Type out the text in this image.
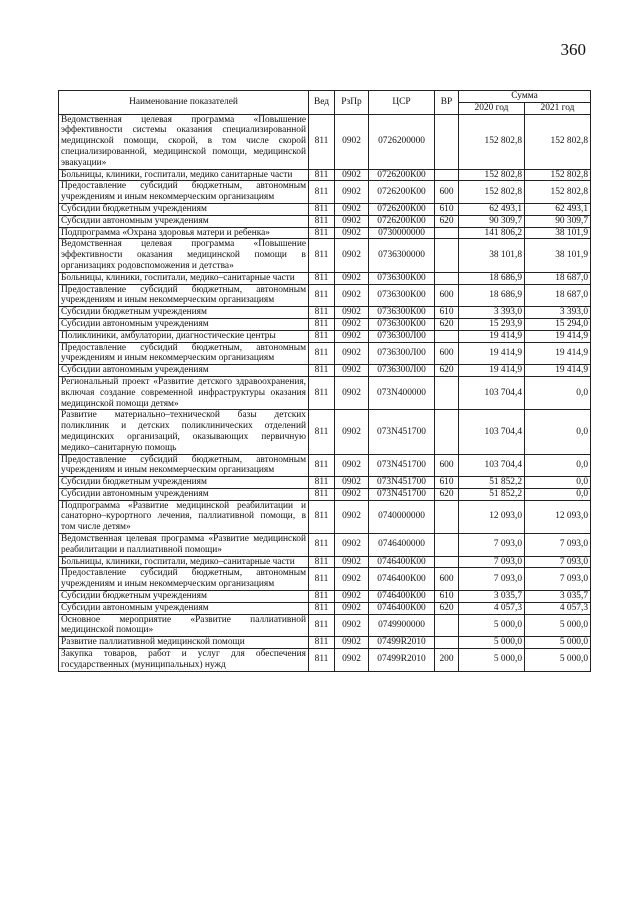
360
Наименование показателей	Вед	РзПр	ЦСР	ВР	Сумма	
					2020 год	2021 год
Ведомственная целевая программа «Повышение эффективности системы оказания специализированной медицинской помощи, скорой, в том числе скорой специализированной, медицинской помощи, медицинской эвакуации»	811	0902	0726200000		152 802,8	152 802,8
Больницы, клиники, госпитали, медико санитарные части	811	0902	0726200К00		152 802,8	152 802,8
Предоставление субсидий бюджетным, автономным учреждениям и иным некоммерческим организациям	811	0902	0726200К00	600	152 802,8	152 802,8
Субсидии бюджетным учреждениям	811	0902	0726200К00	610	62 493,1	62 493,1
Субсидии автономным учреждениям	811	0902	0726200К00	620	90 309,7	90 309,7
Подпрограмма «Охрана здоровья матери и ребенка»	811	0902	0730000000		141 806,2	38 101,9
Ведомственная целевая программа «Повышение эффективности оказания медицинской помощи в организациях родовспоможения и детства»	811	0902	0736300000		38 101,8	38 101,9
Больницы, клиники, госпитали, медико–санитарные части	811	0902	0736300К00		18 686,9	18 687,0
Предоставление субсидий бюджетным, автономным учреждениям и иным некоммерческим организациям	811	0902	0736300К00	600	18 686,9	18 687,0
Субсидии бюджетным учреждениям	811	0902	0736300К00	610	3 393,0	3 393,0
Субсидии автономным учреждениям	811	0902	0736300К00	620	15 293,9	15 294,0
Поликлиники, амбулатории, диагностические центры	811	0902	0736300Л00		19 414,9	19 414,9
Предоставление субсидий бюджетным, автономным учреждениям и иным некоммерческим организациям	811	0902	0736300Л00	600	19 414,9	19 414,9
Субсидии автономным учреждениям	811	0902	0736300Л00	620	19 414,9	19 414,9
Региональный проект «Развитие детского здравоохранения, включая создание современной инфраструктуры оказания медицинской помощи детям»	811	0902	073N400000		103 704,4	0,0
Развитие материально–технической базы детских поликлиник и детских поликлинических отделений медицинских организаций, оказывающих первичную медико–санитарную помощь	811	0902	073N451700		103 704,4	0,0
Предоставление субсидий бюджетным, автономным учреждениям и иным некоммерческим организациям	811	0902	073N451700	600	103 704,4	0,0
Субсидии бюджетным учреждениям	811	0902	073N451700	610	51 852,2	0,0
Субсидии автономным учреждениям	811	0902	073N451700	620	51 852,2	0,0
Подпрограмма «Развитие медицинской реабилитации и санаторно–курортного лечения, паллиативной помощи, в том числе детям»	811	0902	0740000000		12 093,0	12 093,0
Ведомственная целевая программа «Развитие медицинской реабилитации и паллиативной помощи»	811	0902	0746400000		7 093,0	7 093,0
Больницы, клиники, госпитали, медико–санитарные части	811	0902	0746400К00		7 093,0	7 093,0
Предоставление субсидий бюджетным, автономным учреждениям и иным некоммерческим организациям	811	0902	0746400К00	600	7 093,0	7 093,0
Субсидии бюджетным учреждениям	811	0902	0746400К00	610	3 035,7	3 035,7
Субсидии автономным учреждениям	811	0902	0746400К00	620	4 057,3	4 057,3
Основное мероприятие «Развитие паллиативной медицинской помощи»	811	0902	0749900000		5 000,0	5 000,0
Развитие паллиативной медицинской помощи	811	0902	07499R2010		5 000,0	5 000,0
Закупка товаров, работ и услуг для обеспечения государственных (муниципальных) нужд	811	0902	07499R2010	200	5 000,0	5 000,0
